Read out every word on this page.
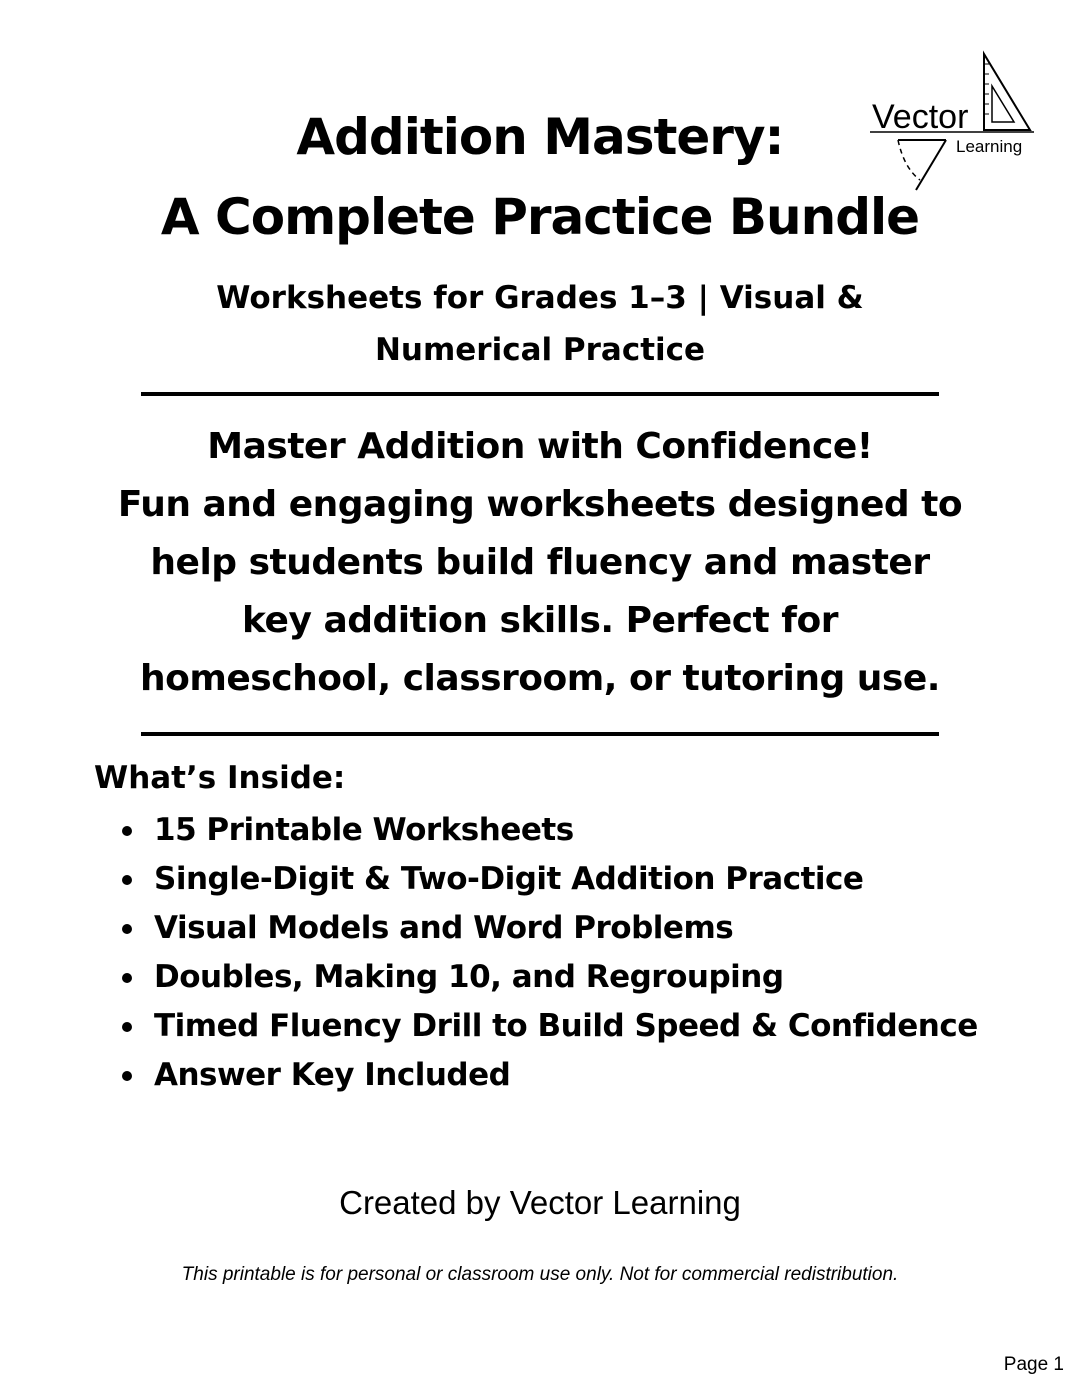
Vector
Learning
Addition Mastery:
A Complete Practice Bundle

Worksheets for Grades 1–3 | Visual & Numerical Practice

Master Addition with Confidence!
Fun and engaging worksheets designed to
help students build fluency and master
key addition skills. Perfect for
homeschool, classroom, or tutoring use.

What’s Inside:
15 Printable Worksheets
Single-Digit & Two-Digit Addition Practice
Visual Models and Word Problems
Doubles, Making 10, and Regrouping
Timed Fluency Drill to Build Speed & Confidence
Answer Key Included

Created by Vector Learning

This printable is for personal or classroom use only. Not for commercial redistribution.

Page 1
